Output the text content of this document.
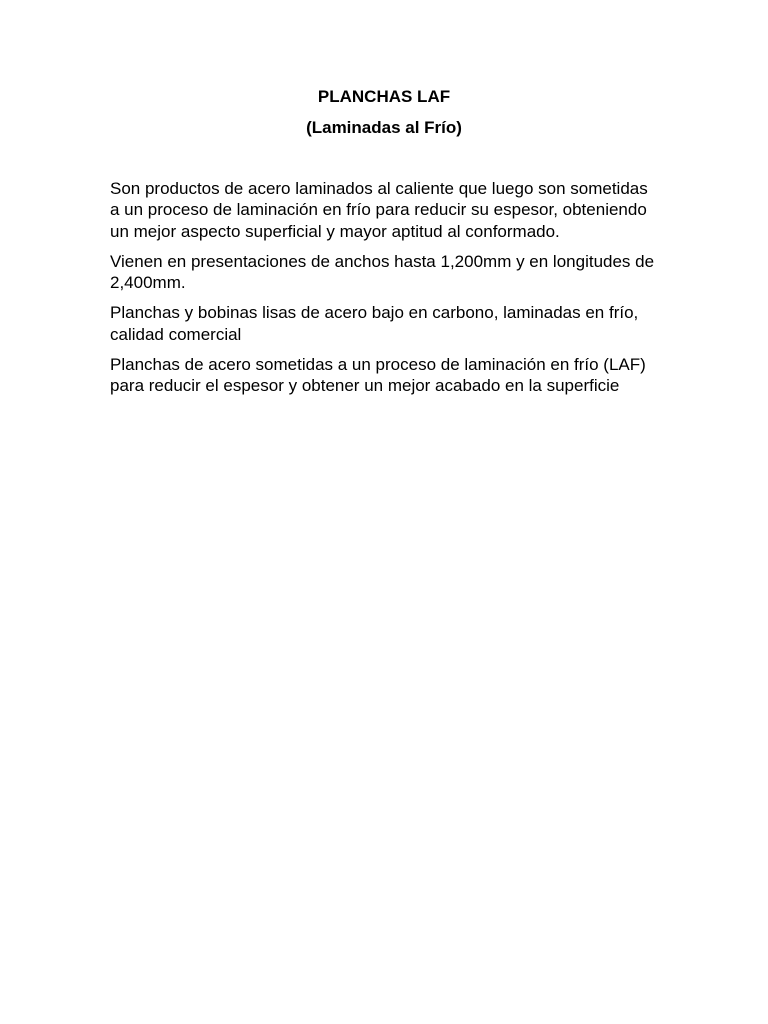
PLANCHAS LAF
(Laminadas al Frío)

Son productos de acero laminados al caliente que luego son sometidas a un proceso de laminación en frío para reducir su espesor, obteniendo un mejor aspecto superficial y mayor aptitud al conformado.

Vienen en presentaciones de anchos hasta 1,200mm y en longitudes de 2,400mm.

Planchas y bobinas lisas de acero bajo en carbono, laminadas en frío, calidad comercial

Planchas de acero sometidas a un proceso de laminación en frío (LAF) para reducir el espesor y obtener un mejor acabado en la superficie
